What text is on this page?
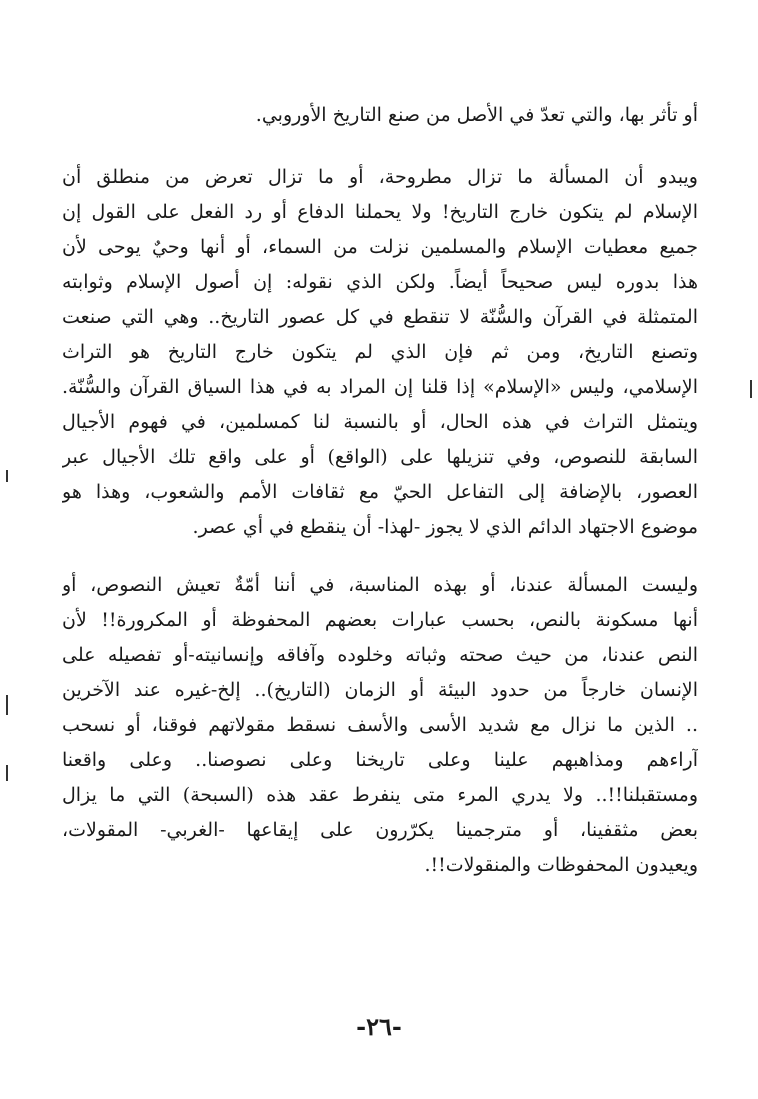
أو تأثر بها، والتي تعدّ في الأصل من صنع التاريخ الأوروبي.
ويبدو أن المسألة ما تزال مطروحة، أو ما تزال تعرض من منطلق أن
الإسلام لم يتكون خارج التاريخ! ولا يحملنا الدفاع أو رد الفعل على القول إن
جميع معطيات الإسلام والمسلمين نزلت من السماء، أو أنها وحيٌ يوحى لأن
هذا بدوره ليس صحيحاً أيضاً. ولكن الذي نقوله: إن أصول الإسلام وثوابته
المتمثلة في القرآن والسُّنّة لا تنقطع في كل عصور التاريخ.. وهي التي صنعت
وتصنع التاريخ، ومن ثم فإن الذي لم يتكون خارج التاريخ هو التراث
الإسلامي، وليس «الإسلام» إذا قلنا إن المراد به في هذا السياق القرآن والسُّنّة.
ويتمثل التراث في هذه الحال، أو بالنسبة لنا كمسلمين، في فهوم الأجيال
السابقة للنصوص، وفي تنزيلها على (الواقع) أو على واقع تلك الأجيال عبر
العصور، بالإضافة إلى التفاعل الحيّ مع ثقافات الأمم والشعوب، وهذا هو
موضوع الاجتهاد الدائم الذي لا يجوز -لهذا- أن ينقطع في أي عصر.
وليست المسألة عندنا، أو بهذه المناسبة، في أننا أمّةٌ تعيش النصوص، أو
أنها مسكونة بالنص، بحسب عبارات بعضهم المحفوظة أو المكرورة!! لأن
النص عندنا، من حيث صحته وثباته وخلوده وآفاقه وإنسانيته-أو تفصيله على
الإنسان خارجاً من حدود البيئة أو الزمان (التاريخ).. إلخ-غيره عند الآخرين
.. الذين ما نزال مع شديد الأسى والأسف نسقط مقولاتهم فوقنا، أو نسحب
آراءهم ومذاهبهم علينا وعلى تاريخنا وعلى نصوصنا.. وعلى واقعنا
ومستقبلنا!!.. ولا يدري المرء متى ينفرط عقد هذه (السبحة) التي ما يزال
بعض مثقفينا، أو مترجمينا يكرّرون على إيقاعها -الغربي- المقولات،
ويعيدون المحفوظات والمنقولات!!.
-٢٦-
